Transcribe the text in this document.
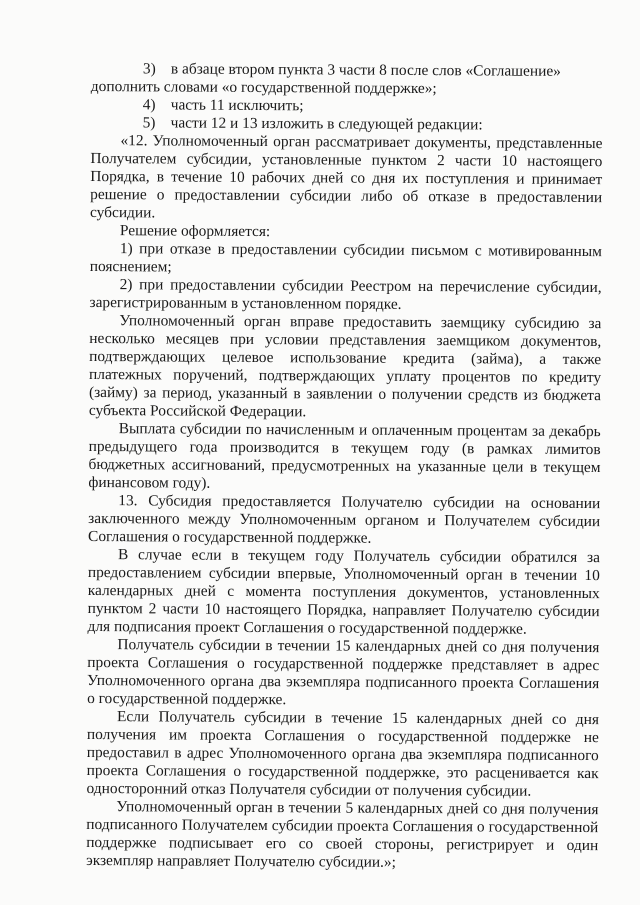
3) в абзаце втором пункта 3 части 8 после слов «Соглашение»
дополнить словами «о государственной поддержке»;
4) часть 11 исключить;
5) части 12 и 13 изложить в следующей редакции:
«12. Уполномоченный орган рассматривает документы, представленные Получателем субсидии, установленные пунктом 2 части 10 настоящего Порядка, в течение 10 рабочих дней со дня их поступления и принимает решение о предоставлении субсидии либо об отказе в предоставлении субсидии.
Решение оформляется:
1) при отказе в предоставлении субсидии письмом с мотивированным пояснением;
2) при предоставлении субсидии Реестром на перечисление субсидии, зарегистрированным в установленном порядке.
Уполномоченный орган вправе предоставить заемщику субсидию за несколько месяцев при условии представления заемщиком документов, подтверждающих целевое использование кредита (займа), а также платежных поручений, подтверждающих уплату процентов по кредиту (займу) за период, указанный в заявлении о получении средств из бюджета субъекта Российской Федерации.
Выплата субсидии по начисленным и оплаченным процентам за декабрь предыдущего года производится в текущем году (в рамках лимитов бюджетных ассигнований, предусмотренных на указанные цели в текущем финансовом году).
13. Субсидия предоставляется Получателю субсидии на основании заключенного между Уполномоченным органом и Получателем субсидии Соглашения о государственной поддержке.
В случае если в текущем году Получатель субсидии обратился за предоставлением субсидии впервые, Уполномоченный орган в течении 10 календарных дней с момента поступления документов, установленных пунктом 2 части 10 настоящего Порядка, направляет Получателю субсидии для подписания проект Соглашения о государственной поддержке.
Получатель субсидии в течении 15 календарных дней со дня получения проекта Соглашения о государственной поддержке представляет в адрес Уполномоченного органа два экземпляра подписанного проекта Соглашения о государственной поддержке.
Если Получатель субсидии в течение 15 календарных дней со дня получения им проекта Соглашения о государственной поддержке не предоставил в адрес Уполномоченного органа два экземпляра подписанного проекта Соглашения о государственной поддержке, это расценивается как односторонний отказ Получателя субсидии от получения субсидии.
Уполномоченный орган в течении 5 календарных дней со дня получения подписанного Получателем субсидии проекта Соглашения о государственной поддержке подписывает его со своей стороны, регистрирует и один экземпляр направляет Получателю субсидии.»;
